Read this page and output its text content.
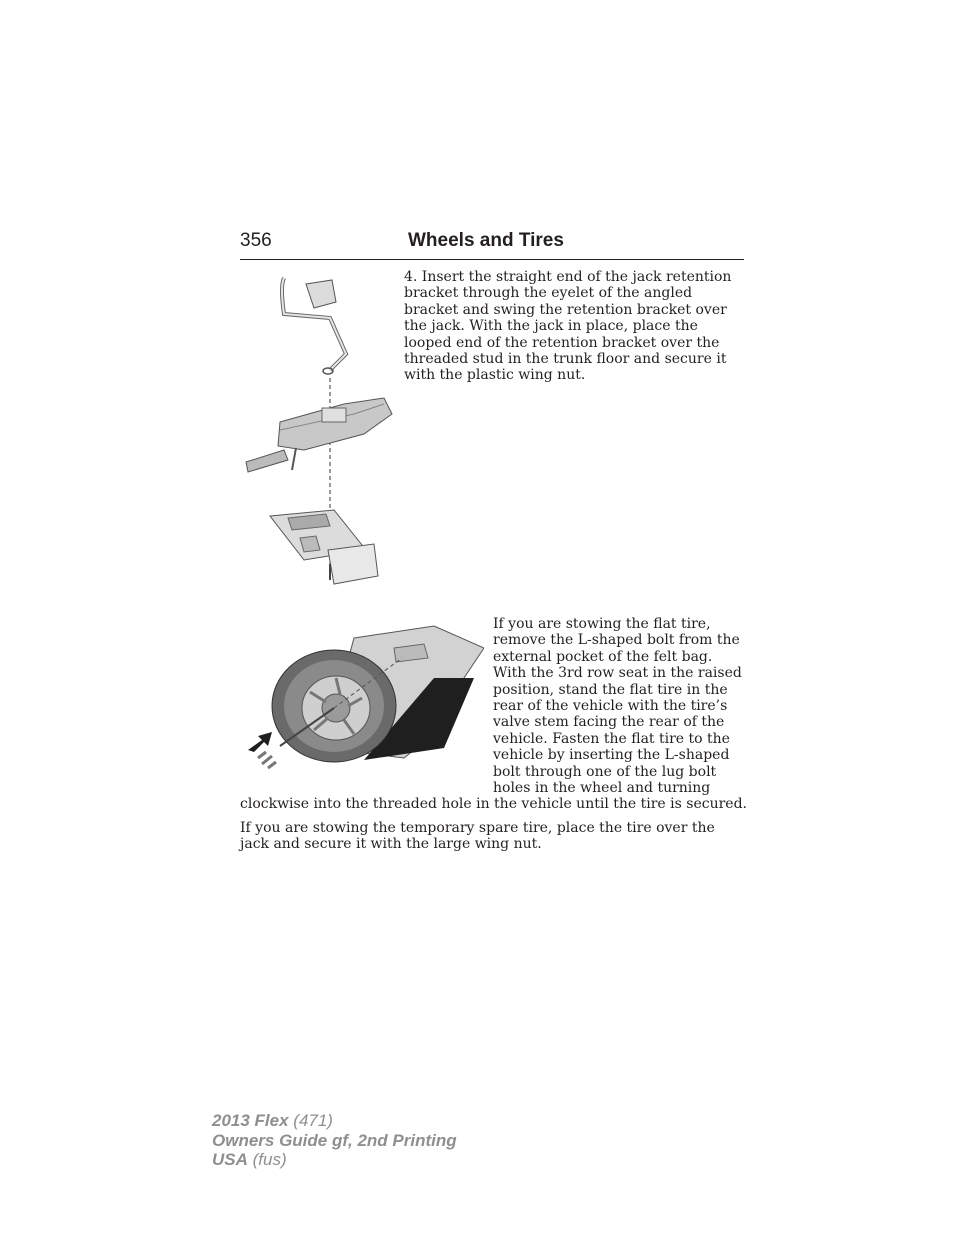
356	Wheels and Tires

4. Insert the straight end of the jack retention bracket through the eyelet of the angled bracket and swing the retention bracket over the jack. With the jack in place, place the looped end of the retention bracket over the threaded stud in the trunk floor and secure it with the plastic wing nut.

If you are stowing the flat tire, remove the L-shaped bolt from the external pocket of the felt bag. With the 3rd row seat in the raised position, stand the flat tire in the rear of the vehicle with the tire’s valve stem facing the rear of the vehicle. Fasten the flat tire to the vehicle by inserting the L-shaped bolt through one of the lug bolt holes in the wheel and turning

clockwise into the threaded hole in the vehicle until the tire is secured.

If you are stowing the temporary spare tire, place the tire over the jack and secure it with the large wing nut.

2013 Flex (471)
Owners Guide gf, 2nd Printing
USA (fus)
